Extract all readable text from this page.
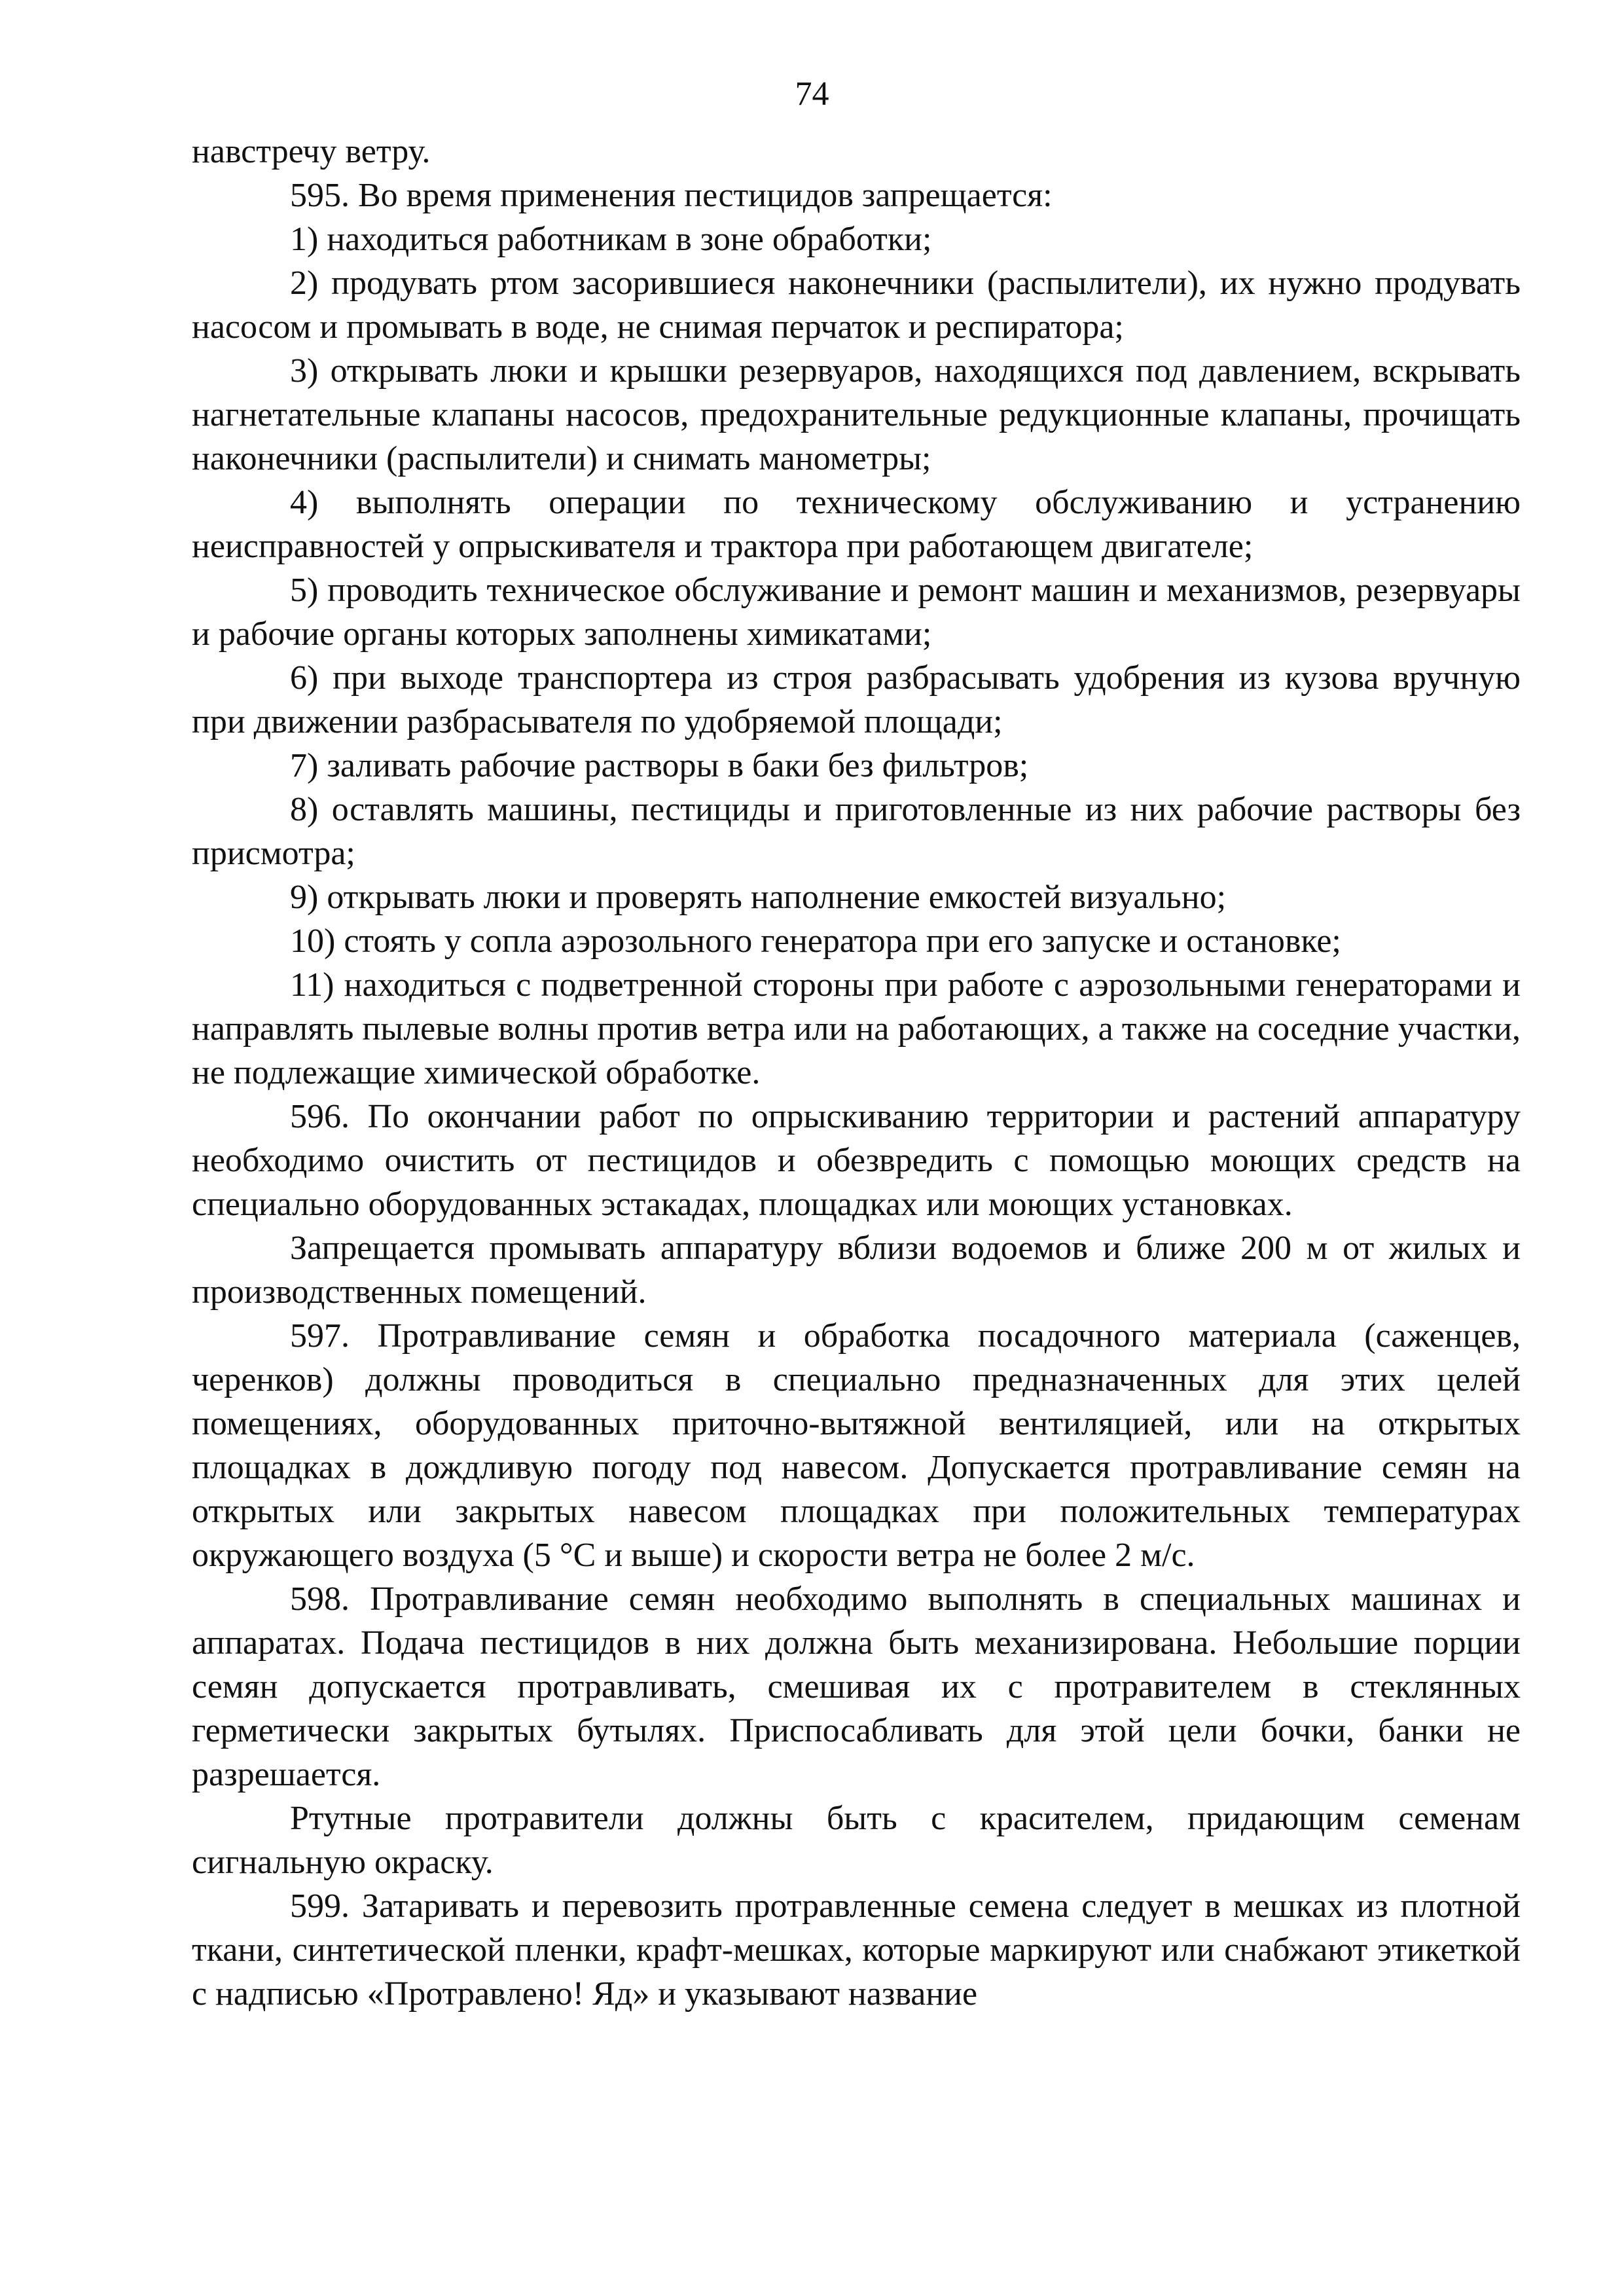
74

навстречу ветру.

595. Во время применения пестицидов запрещается:

1) находиться работникам в зоне обработки;

2) продувать ртом засорившиеся наконечники (распылители), их нужно продувать насосом и промывать в воде, не снимая перчаток и респиратора;

3) открывать люки и крышки резервуаров, находящихся под давлением, вскрывать нагнетательные клапаны насосов, предохранительные редукционные клапаны, прочищать наконечники (распылители) и снимать манометры;

4) выполнять операции по техническому обслуживанию и устранению неисправностей у опрыскивателя и трактора при работающем двигателе;

5) проводить техническое обслуживание и ремонт машин и механизмов, резервуары и рабочие органы которых заполнены химикатами;

6) при выходе транспортера из строя разбрасывать удобрения из кузова вручную при движении разбрасывателя по удобряемой площади;

7) заливать рабочие растворы в баки без фильтров;

8) оставлять машины, пестициды и приготовленные из них рабочие растворы без присмотра;

9) открывать люки и проверять наполнение емкостей визуально;

10) стоять у сопла аэрозольного генератора при его запуске и остановке;

11) находиться с подветренной стороны при работе с аэрозольными генераторами и направлять пылевые волны против ветра или на работающих, а также на соседние участки, не подлежащие химической обработке.

596. По окончании работ по опрыскиванию территории и растений аппаратуру необходимо очистить от пестицидов и обезвредить с помощью моющих средств на специально оборудованных эстакадах, площадках или моющих установках.

Запрещается промывать аппаратуру вблизи водоемов и ближе 200 м от жилых и производственных помещений.

597. Протравливание семян и обработка посадочного материала (саженцев, черенков) должны проводиться в специально предназначенных для этих целей помещениях, оборудованных приточно-вытяжной вентиляцией, или на открытых площадках в дождливую погоду под навесом. Допускается протравливание семян на открытых или закрытых навесом площадках при положительных температурах окружающего воздуха (5 °С и выше) и скорости ветра не более 2 м/с.

598. Протравливание семян необходимо выполнять в специальных машинах и аппаратах. Подача пестицидов в них должна быть механизирована. Небольшие порции семян допускается протравливать, смешивая их с протравителем в стеклянных герметически закрытых бутылях. Приспосабливать для этой цели бочки, банки не разрешается.

Ртутные протравители должны быть с красителем, придающим семенам сигнальную окраску.

599. Затаривать и перевозить протравленные семена следует в мешках из плотной ткани, синтетической пленки, крафт-мешках, которые маркируют или снабжают этикеткой с надписью «Протравлено! Яд» и указывают название
